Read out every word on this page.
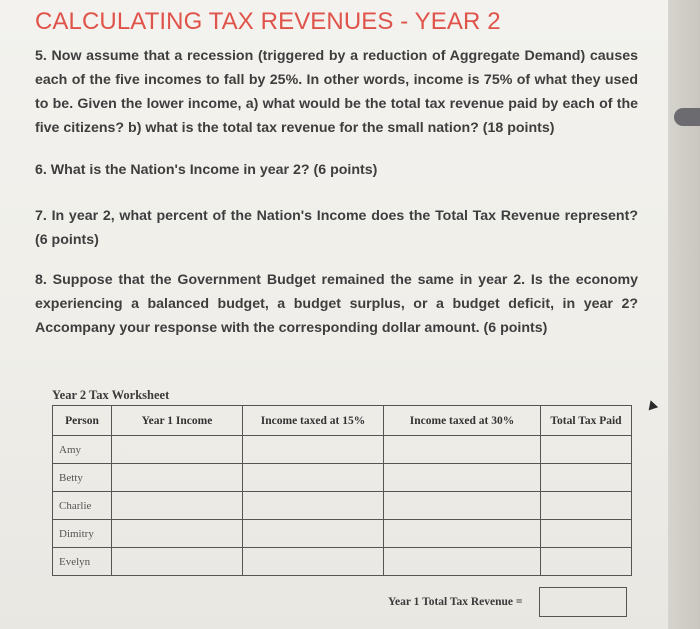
CALCULATING TAX REVENUES - YEAR 2

5. Now assume that a recession (triggered by a reduction of Aggregate Demand) causes each of the five incomes to fall by 25%. In other words, income is 75% of what they used to be. Given the lower income, a) what would be the total tax revenue paid by each of the five citizens? b) what is the total tax revenue for the small nation? (18 points)

6. What is the Nation's Income in year 2? (6 points)

7. In year 2, what percent of the Nation's Income does the Total Tax Revenue represent? (6 points)

8. Suppose that the Government Budget remained the same in year 2. Is the economy experiencing a balanced budget, a budget surplus, or a budget deficit, in year 2? Accompany your response with the corresponding dollar amount. (6 points)

Year 2 Tax Worksheet
Person	Year 1 Income	Income taxed at 15%	Income taxed at 30%	Total Tax Paid
Amy				
Betty				
Charlie				
Dimitry				
Evelyn				
Year 1 Total Tax Revenue =
